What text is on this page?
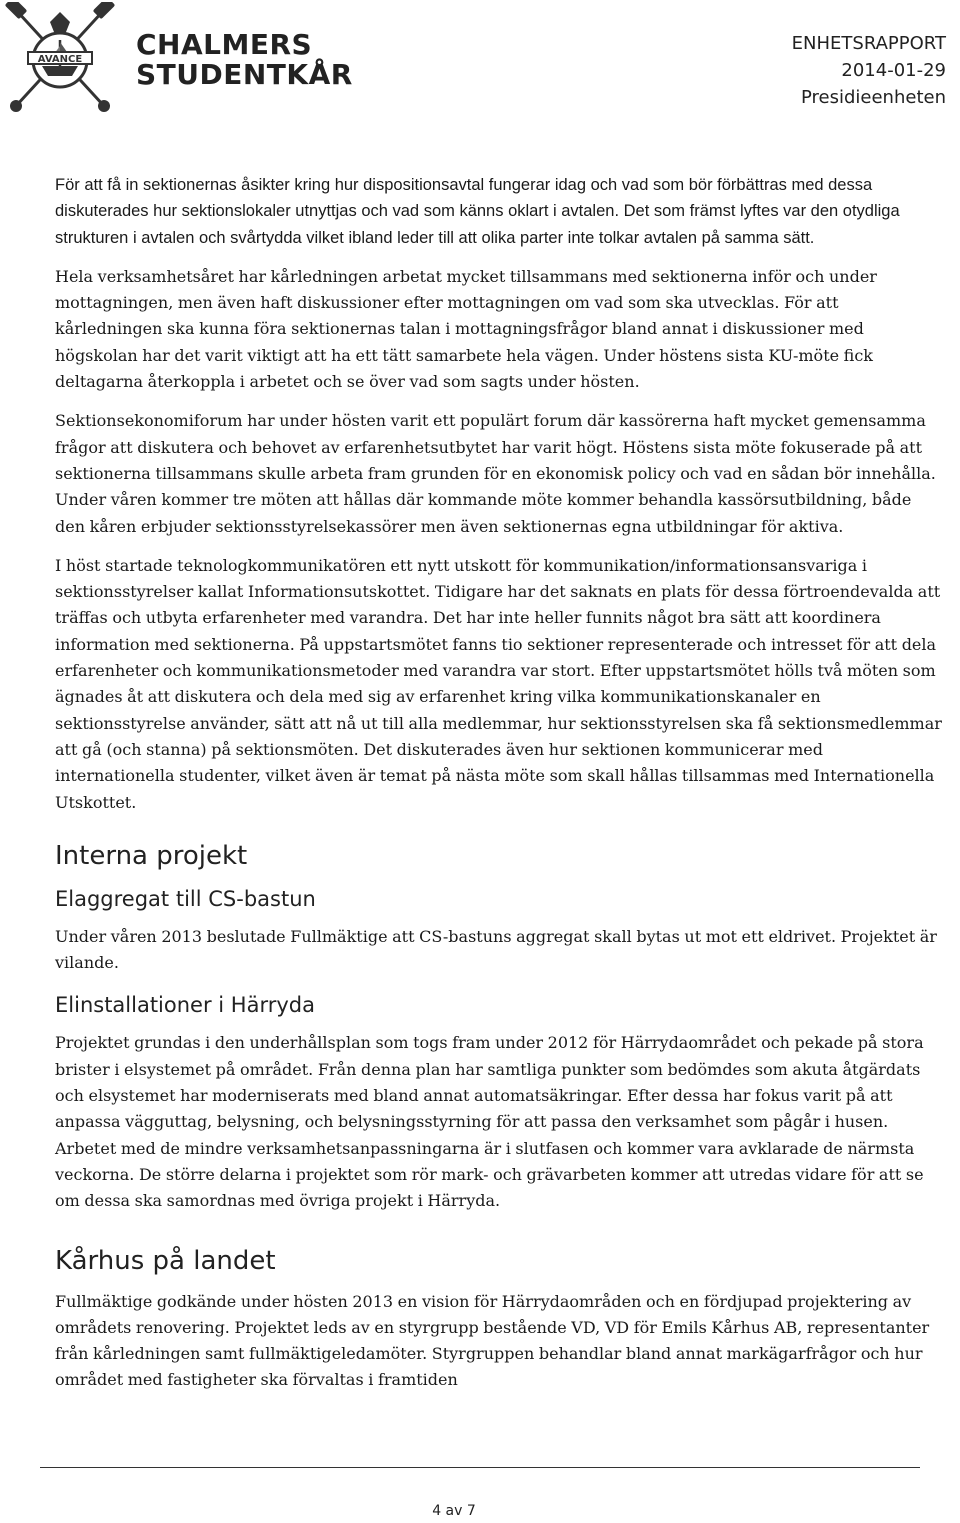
AVANCE CHALMERS
STUDENTKÅR
ENHETSRAPPORT
2014-01-29
Presidieenheten

För att få in sektionernas åsikter kring hur dispositionsavtal fungerar idag och vad som bör förbättras med dessa diskuterades hur sektionslokaler utnyttjas och vad som känns oklart i avtalen. Det som främst lyftes var den otydliga strukturen i avtalen och svårtydda vilket ibland leder till att olika parter inte tolkar avtalen på samma sätt.

Hela verksamhetsåret har kårledningen arbetat mycket tillsammans med sektionerna inför och under mottagningen, men även haft diskussioner efter mottagningen om vad som ska utvecklas. För att kårledningen ska kunna föra sektionernas talan i mottagningsfrågor bland annat i diskussioner med högskolan har det varit viktigt att ha ett tätt samarbete hela vägen. Under höstens sista KU-möte fick deltagarna återkoppla i arbetet och se över vad som sagts under hösten.

Sektionsekonomiforum har under hösten varit ett populärt forum där kassörerna haft mycket gemensamma frågor att diskutera och behovet av erfarenhetsutbytet har varit högt. Höstens sista möte fokuserade på att sektionerna tillsammans skulle arbeta fram grunden för en ekonomisk policy och vad en sådan bör innehålla. Under våren kommer tre möten att hållas där kommande möte kommer behandla kassörsutbildning, både den kåren erbjuder sektionsstyrelsekassörer men även sektionernas egna utbildningar för aktiva.

I höst startade teknologkommunikatören ett nytt utskott för kommunikation/informationsansvariga i sektionsstyrelser kallat Informationsutskottet. Tidigare har det saknats en plats för dessa förtroendevalda att träffas och utbyta erfarenheter med varandra. Det har inte heller funnits något bra sätt att koordinera information med sektionerna. På uppstartsmötet fanns tio sektioner representerade och intresset för att dela erfarenheter och kommunikationsmetoder med varandra var stort. Efter uppstartsmötet hölls två möten som ägnades åt att diskutera och dela med sig av erfarenhet kring vilka kommunikationskanaler en sektionsstyrelse använder, sätt att nå ut till alla medlemmar, hur sektionsstyrelsen ska få sektionsmedlemmar att gå (och stanna) på sektionsmöten. Det diskuterades även hur sektionen kommunicerar med internationella studenter, vilket även är temat på nästa möte som skall hållas tillsammas med Internationella Utskottet.

Interna projekt
Elaggregat till CS-bastun

Under våren 2013 beslutade Fullmäktige att CS-bastuns aggregat skall bytas ut mot ett eldrivet. Projektet är vilande.

Elinstallationer i Härryda

Projektet grundas i den underhållsplan som togs fram under 2012 för Härrydaområdet och pekade på stora brister i elsystemet på området. Från denna plan har samtliga punkter som bedömdes som akuta åtgärdats och elsystemet har moderniserats med bland annat automatsäkringar. Efter dessa har fokus varit på att anpassa vägguttag, belysning, och belysningsstyrning för att passa den verksamhet som pågår i husen. Arbetet med de mindre verksamhetsanpassningarna är i slutfasen och kommer vara avklarade de närmsta veckorna. De större delarna i projektet som rör mark- och grävarbeten kommer att utredas vidare för att se om dessa ska samordnas med övriga projekt i Härryda.

Kårhus på landet

Fullmäktige godkände under hösten 2013 en vision för Härrydaområden och en fördjupad projektering av områdets renovering. Projektet leds av en styrgrupp bestående VD, VD för Emils Kårhus AB, representanter från kårledningen samt fullmäktigeledamöter. Styrgruppen behandlar bland annat markägarfrågor och hur området med fastigheter ska förvaltas i framtiden

4 av 7
